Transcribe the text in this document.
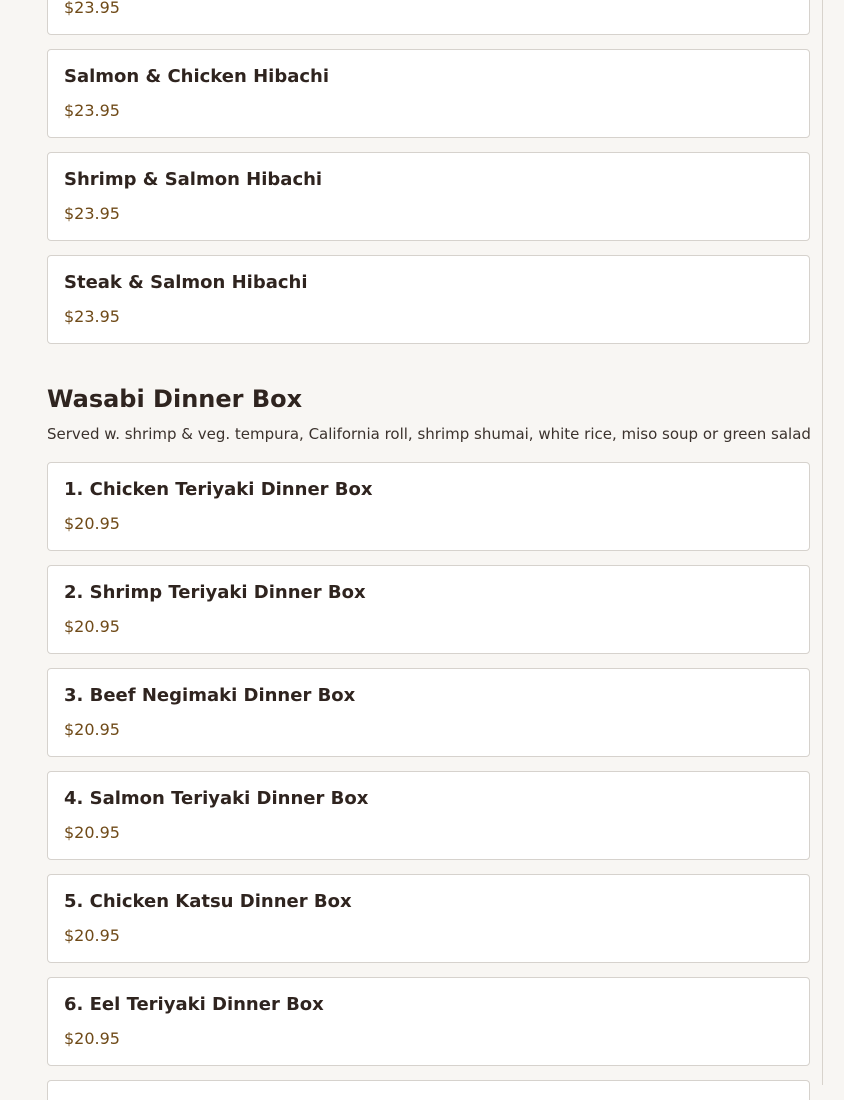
$23.95
Salmon & Chicken Hibachi
$23.95
Shrimp & Salmon Hibachi
$23.95
Steak & Salmon Hibachi
$23.95
Wasabi Dinner Box

Served w. shrimp & veg. tempura, California roll, shrimp shumai, white rice, miso soup or green salad

1. Chicken Teriyaki Dinner Box
$20.95
2. Shrimp Teriyaki Dinner Box
$20.95
3. Beef Negimaki Dinner Box
$20.95
4. Salmon Teriyaki Dinner Box
$20.95
5. Chicken Katsu Dinner Box
$20.95
6. Eel Teriyaki Dinner Box
$20.95
